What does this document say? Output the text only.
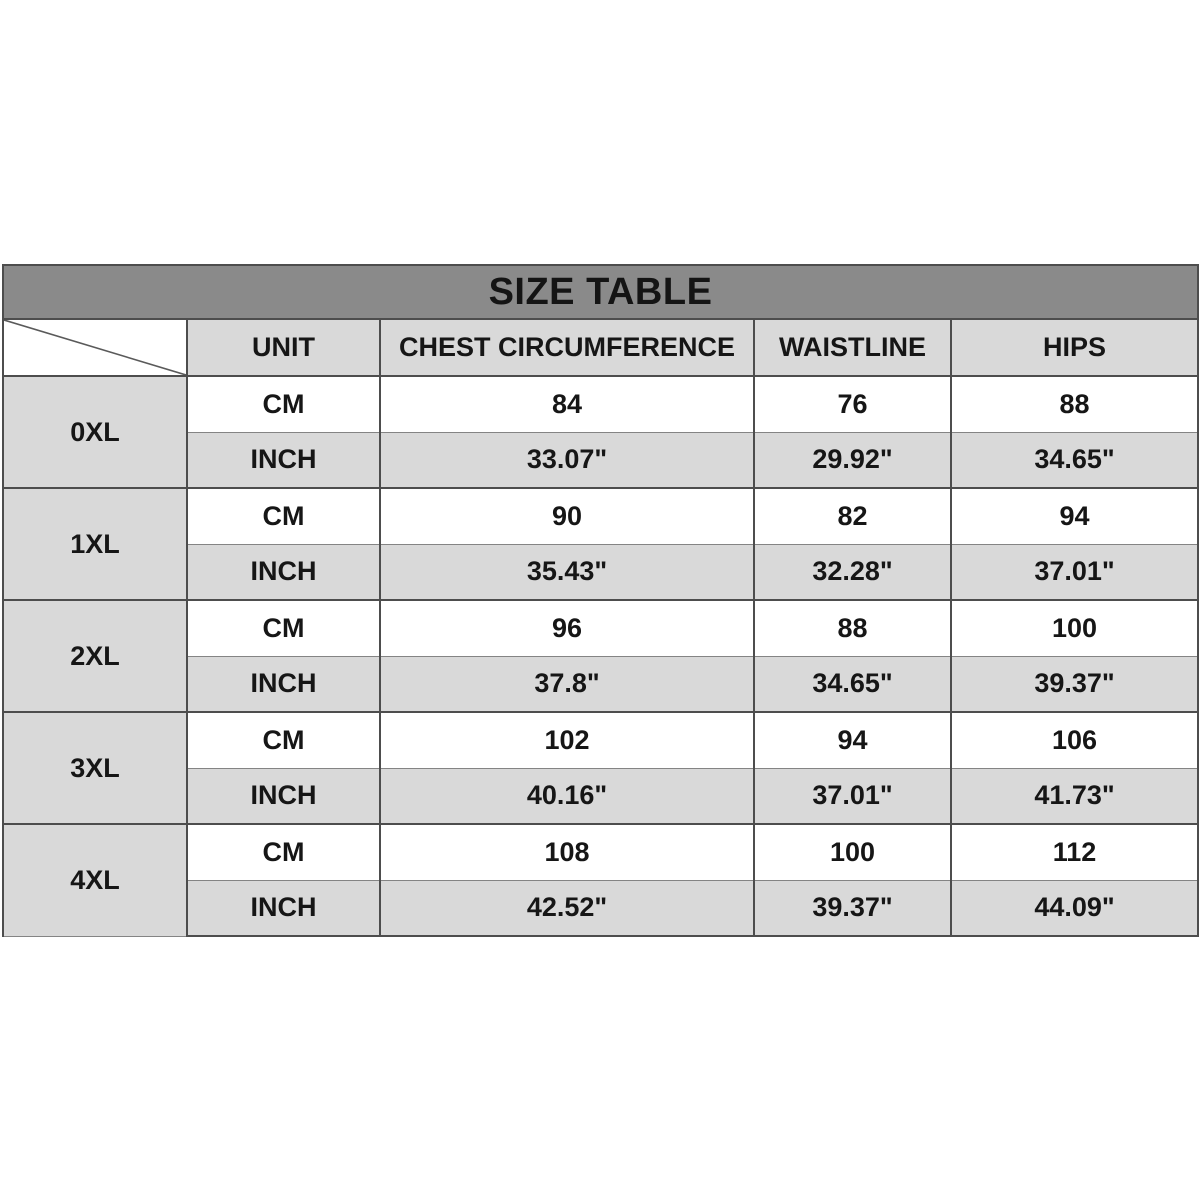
SIZE TABLE				

	UNIT	CHEST CIRCUMFERENCE	WAISTLINE	HIPS
0XL	CM	84	76	88
	INCH	33.07"	29.92"	34.65"
1XL	CM	90	82	94
	INCH	35.43"	32.28"	37.01"
2XL	CM	96	88	100
	INCH	37.8"	34.65"	39.37"
3XL	CM	102	94	106
	INCH	40.16"	37.01"	41.73"
4XL	CM	108	100	112
	INCH	42.52"	39.37"	44.09"
